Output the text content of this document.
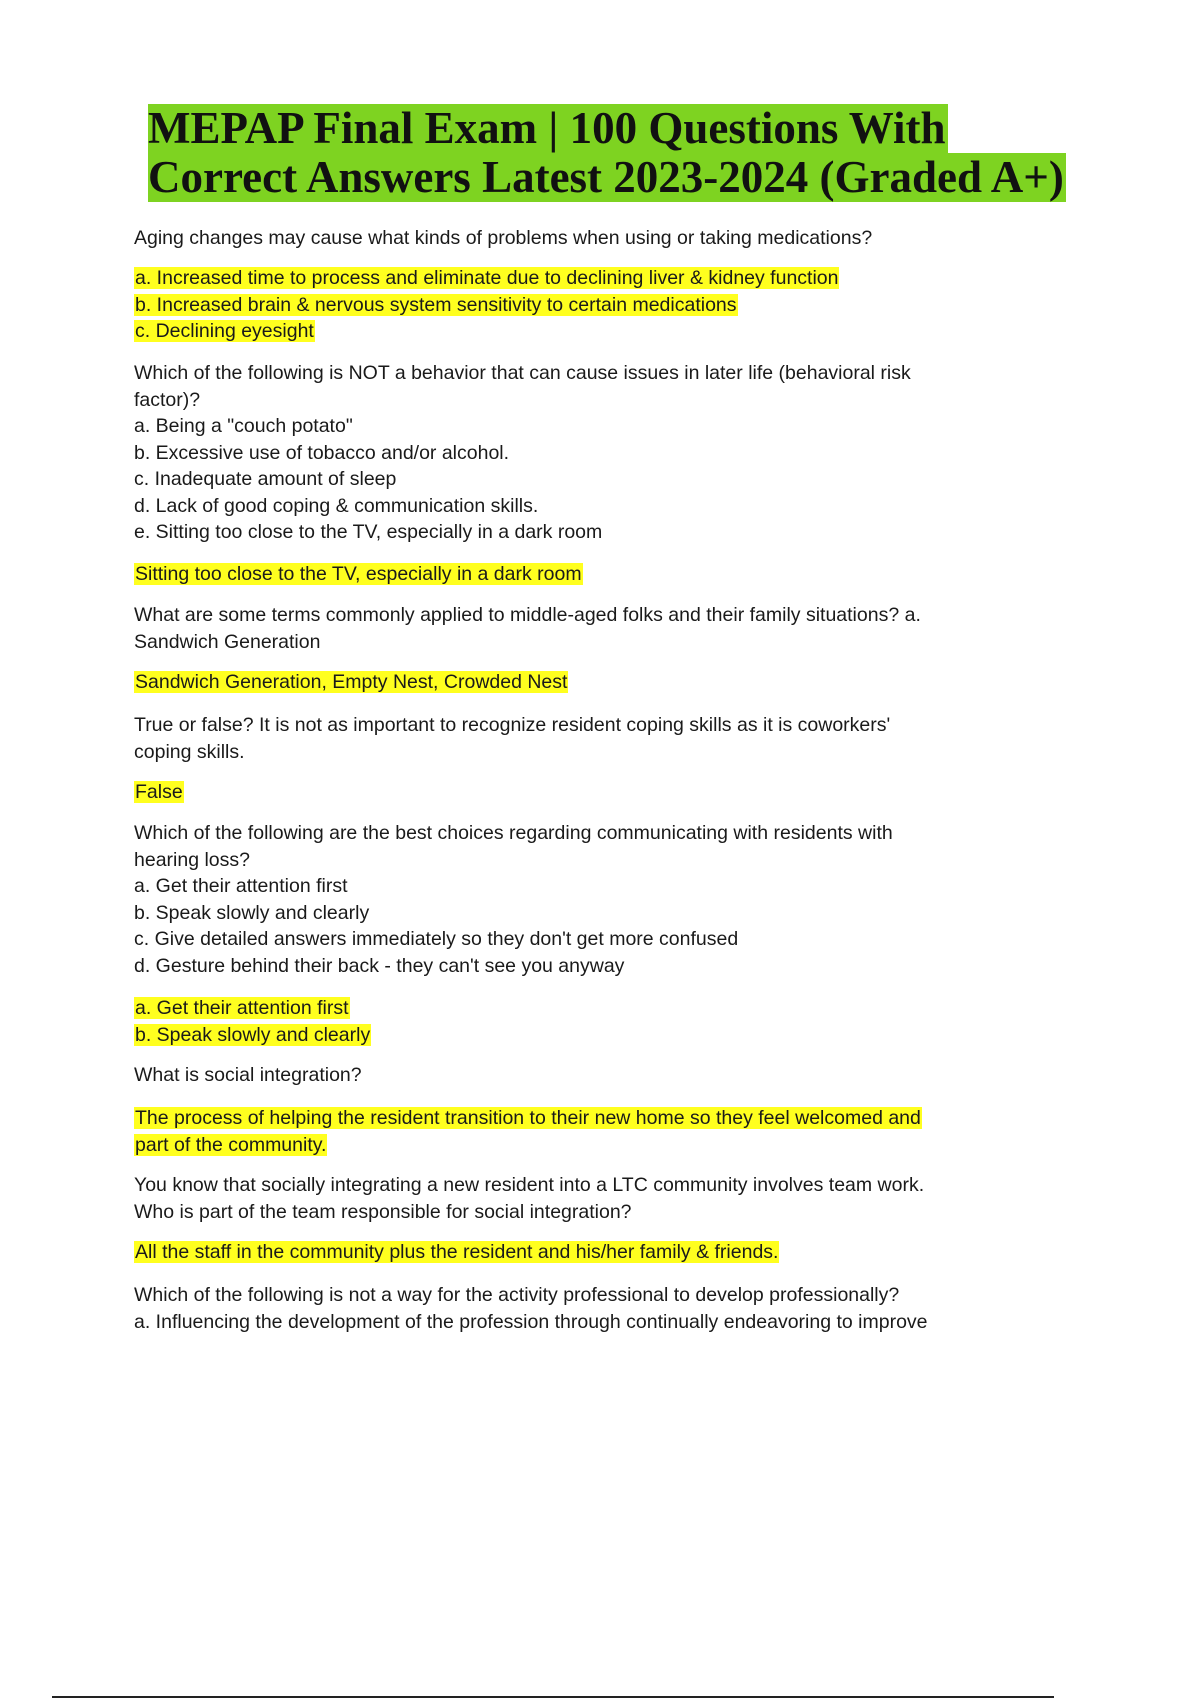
MEPAP Final Exam | 100 Questions With
Correct Answers Latest 2023-2024 (Graded A+)
Aging changes may cause what kinds of problems when using or taking medications?
a. Increased time to process and eliminate due to declining liver & kidney function
b. Increased brain & nervous system sensitivity to certain medications
c. Declining eyesight
Which of the following is NOT a behavior that can cause issues in later life (behavioral risk
factor)?
a. Being a "couch potato"
b. Excessive use of tobacco and/or alcohol.
c. Inadequate amount of sleep
d. Lack of good coping & communication skills.
e. Sitting too close to the TV, especially in a dark room
Sitting too close to the TV, especially in a dark room
What are some terms commonly applied to middle-aged folks and their family situations? a.
Sandwich Generation
Sandwich Generation, Empty Nest, Crowded Nest
True or false? It is not as important to recognize resident coping skills as it is coworkers'
coping skills.
False
Which of the following are the best choices regarding communicating with residents with
hearing loss?
a. Get their attention first
b. Speak slowly and clearly
c. Give detailed answers immediately so they don't get more confused
d. Gesture behind their back - they can't see you anyway
a. Get their attention first
b. Speak slowly and clearly
What is social integration?
The process of helping the resident transition to their new home so they feel welcomed and
part of the community.
You know that socially integrating a new resident into a LTC community involves team work.
Who is part of the team responsible for social integration?
All the staff in the community plus the resident and his/her family & friends.
Which of the following is not a way for the activity professional to develop professionally?
a. Influencing the development of the profession through continually endeavoring to improve
